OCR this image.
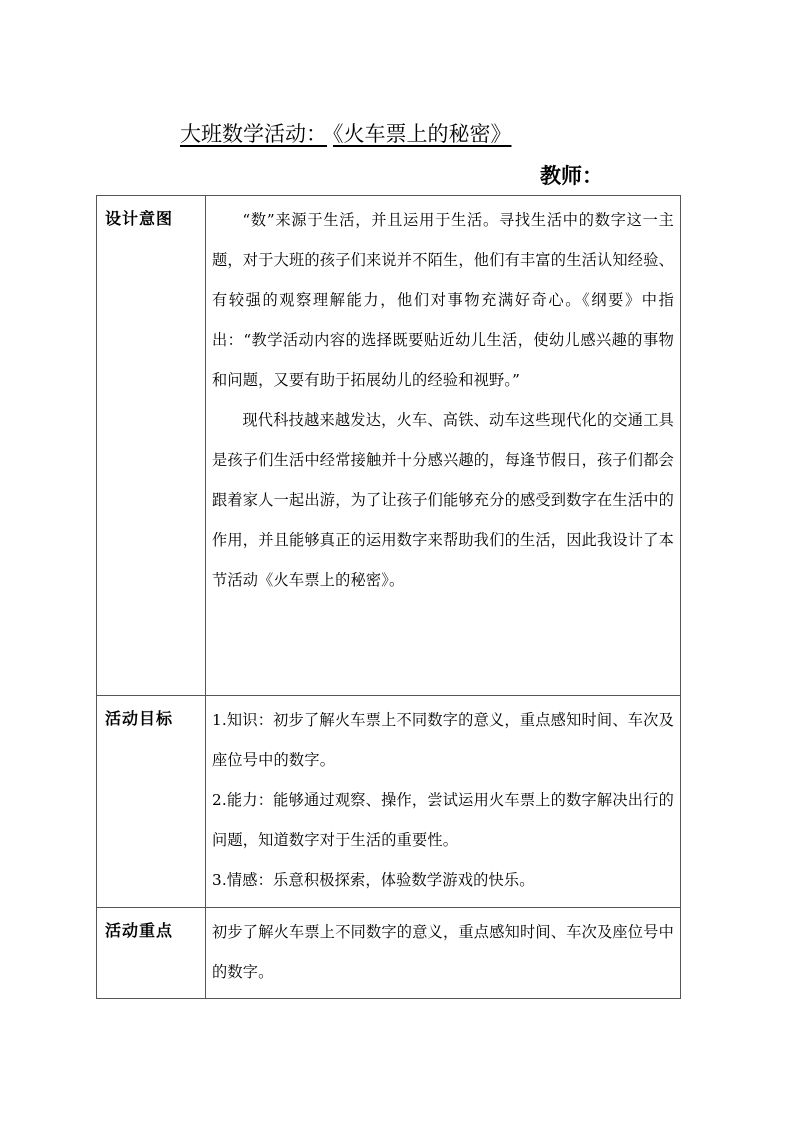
大班数学活动： 《火车票上的秘密》
教师：
设计意图	“数”来源于生活，并且运用于生活。寻找生活中的数字这一主题，对于大班的孩子们来说并不陌生，他们有丰富的生活认知经验、有较强的观察理解能力，他们对事物充满好奇心。《纲要》中指出：“教学活动内容的选择既要贴近幼儿生活，使幼儿感兴趣的事物和问题，又要有助于拓展幼儿的经验和视野。”

现代科技越来越发达，火车、高铁、动车这些现代化的交通工具是孩子们生活中经常接触并十分感兴趣的，每逢节假日，孩子们都会跟着家人一起出游，为了让孩子们能够充分的感受到数字在生活中的作用，并且能够真正的运用数字来帮助我们的生活，因此我设计了本节活动《火车票上的秘密》。

活动目标	1.知识：初步了解火车票上不同数字的意义，重点感知时间、车次及座位号中的数字。

2.能力：能够通过观察、操作，尝试运用火车票上的数字解决出行的问题，知道数字对于生活的重要性。

3.情感：乐意积极探索，体验数学游戏的快乐。

活动重点	初步了解火车票上不同数字的意义，重点感知时间、车次及座位号中的数字。
